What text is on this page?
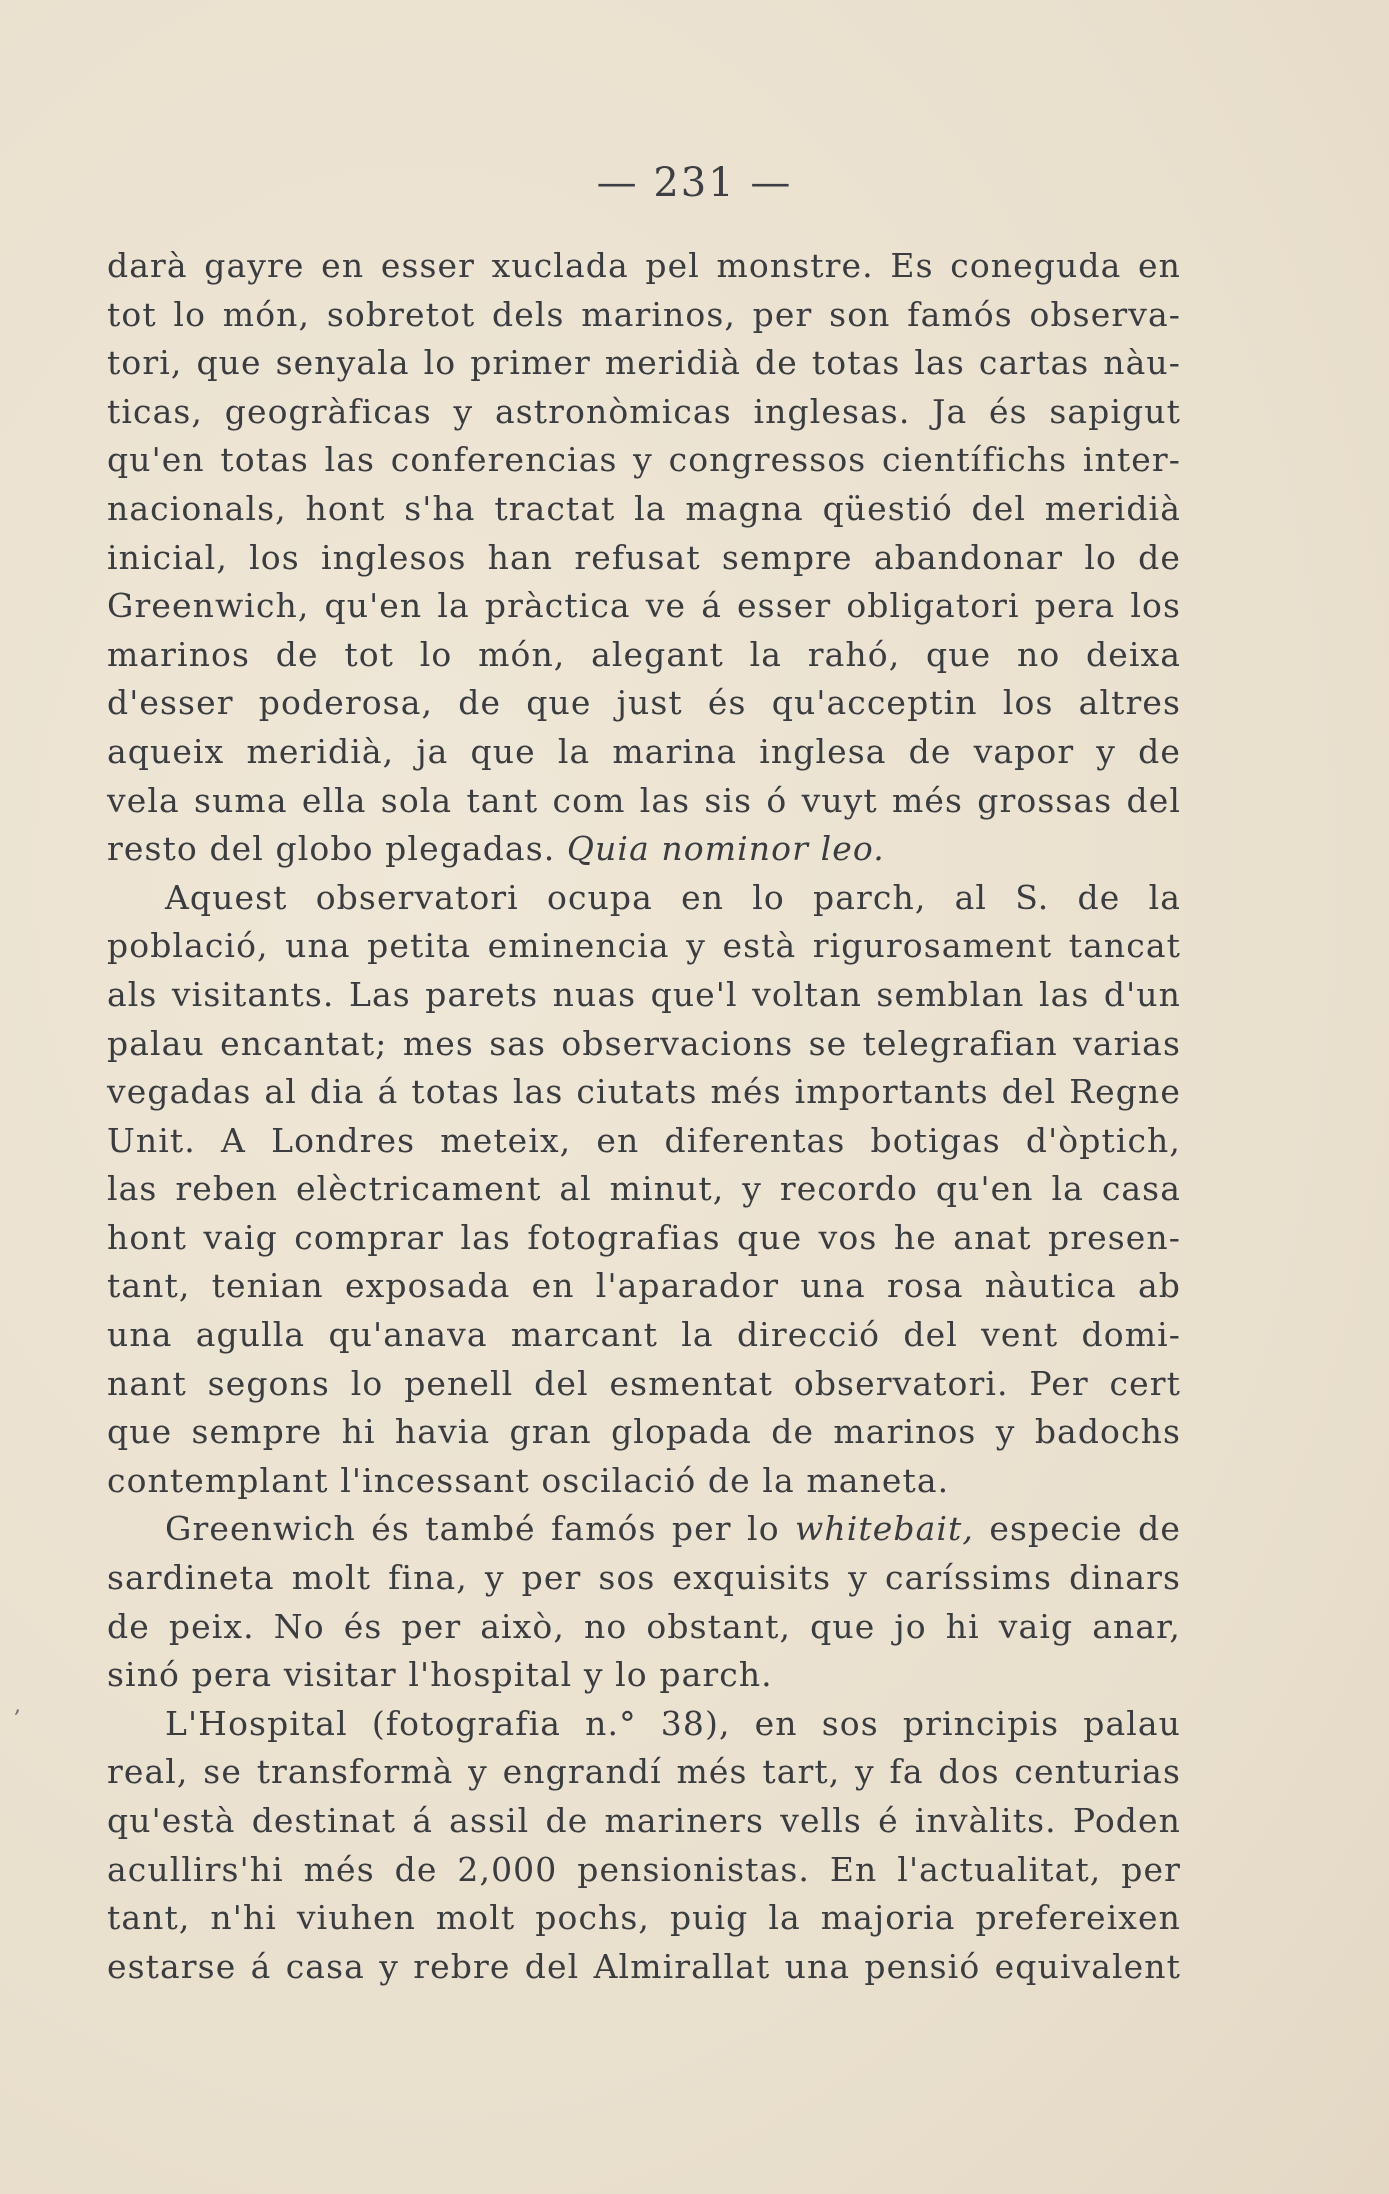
— 231 —
darà gayre en esser xuclada pel monstre. Es coneguda en
tot lo món, sobretot dels marinos, per son famós observa-
tori, que senyala lo primer meridià de totas las cartas nàu-
ticas, geogràficas y astronòmicas inglesas. Ja és sapigut
qu'en totas las conferencias y congressos científichs inter-
nacionals, hont s'ha tractat la magna qüestió del meridià
inicial, los inglesos han refusat sempre abandonar lo de
Greenwich, qu'en la pràctica ve á esser obligatori pera los
marinos de tot lo món, alegant la rahó, que no deixa
d'esser poderosa, de que just és qu'acceptin los altres
aqueix meridià, ja que la marina inglesa de vapor y de
vela suma ella sola tant com las sis ó vuyt més grossas del
resto del globo plegadas. Quia nominor leo.
Aquest observatori ocupa en lo parch, al S. de la
població, una petita eminencia y està rigurosament tancat
als visitants. Las parets nuas que'l voltan semblan las d'un
palau encantat; mes sas observacions se telegrafian varias
vegadas al dia á totas las ciutats més importants del Regne
Unit. A Londres meteix, en diferentas botigas d'òptich,
las reben elèctricament al minut, y recordo qu'en la casa
hont vaig comprar las fotografias que vos he anat presen-
tant, tenian exposada en l'aparador una rosa nàutica ab
una agulla qu'anava marcant la direcció del vent domi-
nant segons lo penell del esmentat observatori. Per cert
que sempre hi havia gran glopada de marinos y badochs
contemplant l'incessant oscilació de la maneta.
Greenwich és també famós per lo whitebait, especie de
sardineta molt fina, y per sos exquisits y caríssims dinars
de peix. No és per això, no obstant, que jo hi vaig anar,
sinó pera visitar l'hospital y lo parch.
L'Hospital (fotografia n.° 38), en sos principis palau
real, se transformà y engrandí més tart, y fa dos centurias
qu'està destinat á assil de mariners vells é invàlits. Poden
acullirs'hi més de 2,000 pensionistas. En l'actualitat, per
tant, n'hi viuhen molt pochs, puig la majoria prefereixen
estarse á casa y rebre del Almirallat una pensió equivalent
,
